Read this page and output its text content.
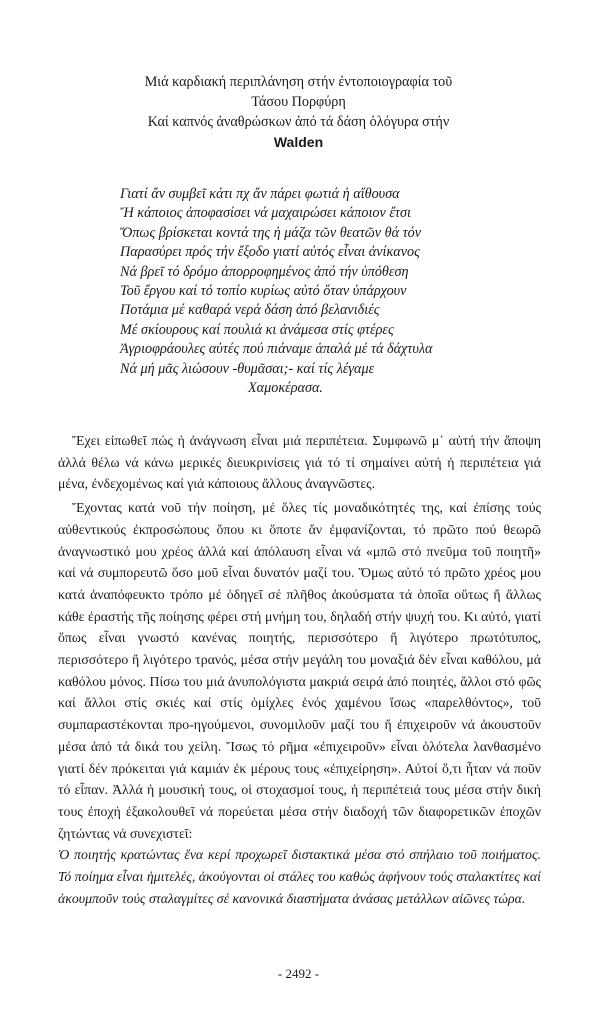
Μιά καρδιακή περιπλάνηση στήν ἐντοποιογραφία τοῦ
Τάσου Πορφύρη
Καί καπνός ἀναθρώσκων ἀπό τά δάση ὁλόγυρα στήν
Walden
Γιατί ἄν συμβεῖ κάτι πχ ἄν πάρει φωτιά ἡ αἴθουσα
Ἤ κάποιος ἀποφασίσει νά μαχαιρώσει κάποιον ἔτσι
Ὅπως βρίσκεται κοντά της ἡ μάζα τῶν θεατῶν θά τόν
Παρασύρει πρός τήν ἔξοδο γιατί αὐτός εἶναι ἀνίκανος
Νά βρεῖ τό δρόμο ἀπορροφημένος ἀπό τήν ὑπόθεση
Τοῦ ἔργου καί τό τοπίο κυρίως αὐτό ὅταν ὑπάρχουν
Ποτάμια μέ καθαρά νερά δάση ἀπό βελανιδιές
Μέ σκίουρους καί πουλιά κι ἀνάμεσα στίς φτέρες
Ἀγριοφράουλες αὐτές πού πιάναμε ἁπαλά μέ τά δάχτυλα
Νά μή μᾶς λιώσουν -θυμᾶσαι;- καί τίς λέγαμε
Χαμοκέρασα.

Ἔχει εἰπωθεῖ πώς ἡ ἀνάγνωση εἶναι μιά περιπέτεια. Συμφωνῶ μ᾽ αὐτή τήν ἄποψη ἀλλά θέλω νά κάνω μερικές διευκρινίσεις γιά τό τί σημαίνει αὐτή ἡ περιπέτεια γιά μένα, ἐνδεχομένως καί γιά κάποιους ἄλλους ἀναγνῶστες.

Ἔχοντας κατά νοῦ τήν ποίηση, μέ ὅλες τίς μοναδικότητές της, καί ἐπίσης τούς αὐθεντικούς ἐκπροσώπους ὅπου κι ὅποτε ἄν ἐμφανίζονται, τό πρῶτο πού θεωρῶ ἀναγνωστικό μου χρέος ἀλλά καί ἀπόλαυση εἶναι νά «μπῶ στό πνεῦμα τοῦ ποιητῆ» καί νά συμπορευτῶ ὅσο μοῦ εἶναι δυνατόν μαζί του. Ὅμως αὐτό τό πρῶτο χρέος μου κατά ἀναπόφευκτο τρόπο μέ ὁδηγεῖ σέ πλῆθος ἀκούσματα τά ὁποῖα οὕτως ἤ ἄλλως κάθε ἐραστής τῆς ποίησης φέρει στή μνήμη του, δηλαδή στήν ψυχή του. Κι αὐτό, γιατί ὅπως εἶναι γνωστό κανένας ποιητής, περισσότερο ἤ λιγότερο πρωτότυπος, περισσότερο ἤ λιγότερο τρανός, μέσα στήν μεγάλη του μοναξιά δέν εἶναι καθόλου, μά καθόλου μόνος. Πίσω του μιά ἀνυπολόγιστα μακριά σειρά ἀπό ποιητές, ἄλλοι στό φῶς καί ἄλλοι στίς σκιές καί στίς ὁμίχλες ἑνός χαμένου ἴσως «παρελθόντος», τοῦ συμπαραστέκονται προ-ηγούμενοι, συνομιλοῦν μαζί του ἤ ἐπιχειροῦν νά ἀκουστοῦν μέσα ἀπό τά δικά του χείλη. Ἴσως τό ρῆμα «ἐπιχειροῦν» εἶναι ὁλότελα λανθασμένο γιατί δέν πρόκειται γιά καμιάν ἐκ μέρους τους «ἐπιχείρηση». Αὐτοί ὅ,τι ἦταν νά ποῦν τό εἶπαν. Ἀλλά ἡ μουσική τους, οἱ στοχασμοί τους, ἡ περιπέτειά τους μέσα στήν δική τους ἐποχή ἐξακολουθεῖ νά πορεύεται μέσα στήν διαδοχή τῶν διαφορετικῶν ἐποχῶν ζητώντας νά συνεχιστεῖ:

Ὁ ποιητής κρατώντας ἕνα κερί προχωρεῖ διστακτικά μέσα στό σπήλαιο τοῦ ποιήματος. Τό ποίημα εἶναι ἡμιτελές, ἀκούγονται οἱ στάλες του καθώς ἀφήνουν τούς σταλακτίτες καί ἀκουμποῦν τούς σταλαγμίτες σέ κανονικά διαστήματα ἀνάσας μετάλλων αἰῶνες τώρα.

- 2492 -
